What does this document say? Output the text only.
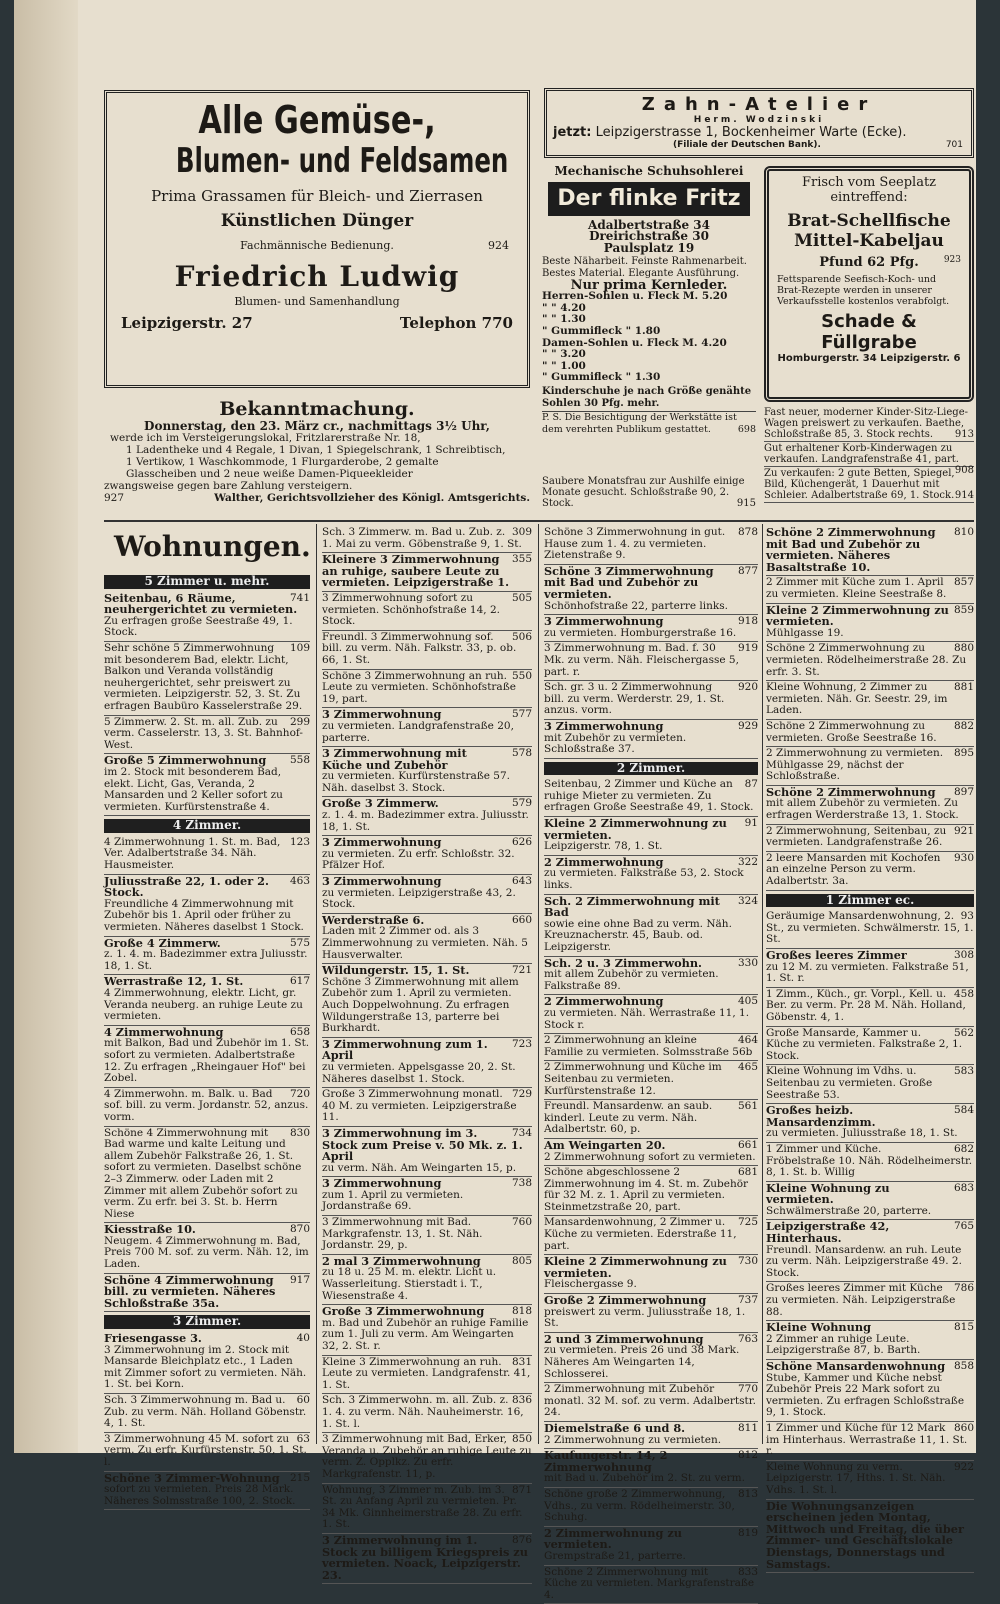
Alle Gemüse-,
Blumen- und Feldsamen
Prima Grassamen für Bleich- und Zierrasen
Künstlichen Dünger
Fachmännische Bedienung.	924
Friedrich Ludwig
Blumen- und Samenhandlung
Leipzigerstr. 27	Telephon 770
Zahn-Atelier
Herm. Wodzinski
jetzt: Leipzigerstrasse 1, Bockenheimer Warte (Ecke).
(Filiale der Deutschen Bank).	701
Mechanische Schuhsohlerei
Der flinke Fritz
Adalbertstraße 34
Dreirichstraße 30
Paulsplatz 19
Beste Näharbeit. Feinste Rahmenarbeit. Bestes Material. Elegante Ausführung.
Nur prima Kernleder.
Herren-Sohlen u. Fleck M. 5.20
" " 4.20
" " 1.30
" Gummifleck " 1.80
Damen-Sohlen u. Fleck M. 4.20
" " 3.20
" " 1.00
" Gummifleck " 1.30
Kinderschuhe je nach Größe genähte Sohlen 30 Pfg. mehr.
P. S. Die Besichtigung der Werkstätte ist dem verehrten Publikum gestattet.	698
Frisch vom Seeplatz eintreffend:
Brat-Schellfische
Mittel-Kabeljau
Pfund 62 Pfg.	923
Fettsparende Seefisch-Koch- und Brat-Rezepte werden in unserer Verkaufsstelle kostenlos verabfolgt.
Schade & Füllgrabe
Homburgerstr. 34 Leipzigerstr. 6
Fast neuer, moderner Kinder-Sitz-Liege-Wagen preiswert zu verkaufen. Baethe, Schloßstraße 85, 3. Stock rechts. 913
Gut erhaltener Korb-Kinderwagen zu verkaufen. Landgrafenstraße 41, part.
908
Zu verkaufen: 2 gute Betten, Spiegel, Bild, Küchengerät, 1 Dauerhut mit Schleier. Adalbertstraße 69, 1. Stock. 914
Bekanntmachung.
Donnerstag, den 23. März cr., nachmittags 3½ Uhr,
werde ich im Versteigerungslokal, Fritzlarerstraße Nr. 18,
1 Ladentheke und 4 Regale, 1 Divan, 1 Spiegelschrank, 1 Schreibtisch, 1 Vertikow, 1 Waschkommode, 1 Flurgarderobe, 2 gemalte Glasscheiben und 2 neue weiße Damen-Piqueekleider
zwangsweise gegen bare Zahlung versteigern.
927	Walther, Gerichtsvollzieher des Königl. Amtsgerichts.
Saubere Monatsfrau zur Aushilfe einige Monate gesucht. Schloßstraße 90, 2. Stock.	915
Wohnungen.
5 Zimmer u. mehr.
741
Seitenbau, 6 Räume, neuhergerichtet zu vermieten.
Zu erfragen große Seestraße 49, 1. Stock.
109
Sehr schöne 5 Zimmerwohnung mit besonderem Bad, elektr. Licht, Balkon und Veranda vollständig neuhergerichtet, sehr preiswert zu vermieten. Leipzigerstr. 52, 3. St. Zu erfragen Baubüro Kasselerstraße 29.
299
5 Zimmerw. 2. St. m. all. Zub. zu verm. Casselerstr. 13, 3. St. Bahnhof-West.
558
Große 5 Zimmerwohnung
im 2. Stock mit besonderem Bad, elekt. Licht, Gas, Veranda, 2 Mansarden und 2 Keller sofort zu vermieten. Kurfürstenstraße 4.
4 Zimmer.
123
4 Zimmerwohnung 1. St. m. Bad, Ver. Adalbertstraße 34. Näh. Hausmeister.
463
Juliusstraße 22, 1. oder 2. Stock.
Freundliche 4 Zimmerwohnung mit Zubehör bis 1. April oder früher zu vermieten. Näheres daselbst 1 Stock.
575
Große 4 Zimmerw.
z. 1. 4. m. Badezimmer extra Juliusstr. 18, 1. St.
617
Werrastraße 12, 1. St.
4 Zimmerwohnung, elektr. Licht, gr. Veranda neuberg. an ruhige Leute zu vermieten.
658
4 Zimmerwohnung
mit Balkon, Bad und Zubehör im 1. St. sofort zu vermieten. Adalbertstraße 12. Zu erfragen „Rheingauer Hof" bei Zobel.
720
4 Zimmerwohn. m. Balk. u. Bad sof. bill. zu verm. Jordanstr. 52, anzus. vorm.
830
Schöne 4 Zimmerwohnung mit Bad warme und kalte Leitung und allem Zubehör Falkstraße 26, 1. St. sofort zu vermieten. Daselbst schöne 2–3 Zimmerw. oder Laden mit 2 Zimmer mit allem Zubehör sofort zu verm. Zu erfr. bei 3. St. b. Herrn Niese
870
Kiesstraße 10.
Neugem. 4 Zimmerwohnung m. Bad, Preis 700 M. sof. zu verm. Näh. 12, im Laden.
917
Schöne 4 Zimmerwohnung bill. zu vermieten. Näheres Schloßstraße 35a.
3 Zimmer.
40
Friesengasse 3.
3 Zimmerwohnung im 2. Stock mit Mansarde Bleichplatz etc., 1 Laden mit Zimmer sofort zu vermieten. Näh. 1. St. bei Korn.
60
Sch. 3 Zimmerwohnung m. Bad u. Zub. zu verm. Näh. Holland Göbenstr. 4, 1. St.
63
3 Zimmerwohnung 45 M. sofort zu verm. Zu erfr. Kurfürstenstr. 50, 1. St. l.
215
Schöne 3 Zimmer-Wohnung
sofort zu vermieten. Preis 28 Mark. Näheres Solmsstraße 100, 2. Stock.
309
Sch. 3 Zimmerw. m. Bad u. Zub. z. 1. Mai zu verm. Göbenstraße 9, 1. St.
355
Kleinere 3 Zimmerwohnung an ruhige, saubere Leute zu vermieten. Leipzigerstraße 1.
505
3 Zimmerwohnung sofort zu vermieten. Schönhofstraße 14, 2. Stock.
506
Freundl. 3 Zimmerwohnung sof. bill. zu verm. Näh. Falkstr. 33, p. ob. 66, 1. St.
550
Schöne 3 Zimmerwohnung an ruh. Leute zu vermieten. Schönhofstraße 19, part.
577
3 Zimmerwohnung
zu vermieten. Landgrafenstraße 20, parterre.
578
3 Zimmerwohnung mit Küche und Zubehör
zu vermieten. Kurfürstenstraße 57. Näh. daselbst 3. Stock.
579
Große 3 Zimmerw.
z. 1. 4. m. Badezimmer extra. Juliusstr. 18, 1. St.
626
3 Zimmerwohnung
zu vermieten. Zu erfr. Schloßstr. 32. Pfälzer Hof.
643
3 Zimmerwohnung
zu vermieten. Leipzigerstraße 43, 2. Stock.
660
Werderstraße 6.
Laden mit 2 Zimmer od. als 3 Zimmerwohnung zu vermieten. Näh. 5 Hausverwalter.
721
Wildungerstr. 15, 1. St.
Schöne 3 Zimmerwohnung mit allem Zubehör zum 1. April zu vermieten. Auch Doppelwohnung. Zu erfragen Wildungerstraße 13, parterre bei Burkhardt.
723
3 Zimmerwohnung zum 1. April
zu vermieten. Appelsgasse 20, 2. St. Näheres daselbst 1. Stock.
729
Große 3 Zimmerwohnung monatl. 40 M. zu vermieten. Leipzigerstraße 11.
734
3 Zimmerwohnung im 3. Stock zum Preise v. 50 Mk. z. 1. April
zu verm. Näh. Am Weingarten 15, p.
738
3 Zimmerwohnung
zum 1. April zu vermieten. Jordanstraße 69.
760
3 Zimmerwohnung mit Bad. Markgrafenstr. 13, 1. St. Näh. Jordanstr. 29, p.
805
2 mal 3 Zimmerwohnung
zu 18 u. 25 M. m. elektr. Licht u. Wasserleitung. Stierstadt i. T., Wiesenstraße 4.
818
Große 3 Zimmerwohnung
m. Bad und Zubehör an ruhige Familie zum 1. Juli zu verm. Am Weingarten 32, 2. St. r.
831
Kleine 3 Zimmerwohnung an ruh. Leute zu vermieten. Landgrafenstr. 41, 1. St.
836
Sch. 3 Zimmerwohn. m. all. Zub. z. 1. 4. zu verm. Näh. Nauheimerstr. 16, 1. St. l.
850
3 Zimmerwohnung mit Bad, Erker, Veranda u. Zubehör an ruhige Leute zu verm. Z. Opplkz. Zu erfr. Markgrafenstr. 11, p.
871
Wohnung, 3 Zimmer m. Zub. im 3. St. zu Anfang April zu vermieten. Pr. 34 Mk. Ginnheimerstraße 28. Zu erfr. 1. St.
876
3 Zimmerwohnung im 1. Stock zu billigem Kriegspreis zu vermieten. Noack, Leipzigerstr. 23.
878
Schöne 3 Zimmerwohnung in gut. Hause zum 1. 4. zu vermieten. Zietenstraße 9.
877
Schöne 3 Zimmerwohnung mit Bad und Zubehör zu vermieten.
Schönhofstraße 22, parterre links.
918
3 Zimmerwohnung
zu vermieten. Homburgerstraße 16.
919
3 Zimmerwohnung m. Bad. f. 30 Mk. zu verm. Näh. Fleischergasse 5, part. r.
920
Sch. gr. 3 u. 2 Zimmerwohnung bill. zu verm. Werderstr. 29, 1. St. anzus. vorm.
929
3 Zimmerwohnung
mit Zubehör zu vermieten. Schloßstraße 37.
2 Zimmer.
87
Seitenbau, 2 Zimmer und Küche an ruhige Mieter zu vermieten. Zu erfragen Große Seestraße 49, 1. Stock.
91
Kleine 2 Zimmerwohnung zu vermieten.
Leipzigerstr. 78, 1. St.
322
2 Zimmerwohnung
zu vermieten. Falkstraße 53, 2. Stock links.
324
Sch. 2 Zimmerwohnung mit Bad
sowie eine ohne Bad zu verm. Näh. Kreuznacherstr. 45, Baub. od. Leipzigerstr.
330
Sch. 2 u. 3 Zimmerwohn.
mit allem Zubehör zu vermieten. Falkstraße 89.
405
2 Zimmerwohnung
zu vermieten. Näh. Werrastraße 11, 1. Stock r.
464
2 Zimmerwohnung an kleine Familie zu vermieten. Solmsstraße 56b
465
2 Zimmerwohnung und Küche im Seitenbau zu vermieten. Kurfürstenstraße 12.
561
Freundl. Mansardenw. an saub. kinderl. Leute zu verm. Näh. Adalbertstr. 60, p.
661
Am Weingarten 20.
2 Zimmerwohnung sofort zu vermieten.
681
Schöne abgeschlossene 2 Zimmerwohnung im 4. St. m. Zubehör für 32 M. z. 1. April zu vermieten. Steinmetzstraße 20, part.
725
Mansardenwohnung, 2 Zimmer u. Küche zu vermieten. Ederstraße 11, part.
730
Kleine 2 Zimmerwohnung zu vermieten.
Fleischergasse 9.
737
Große 2 Zimmerwohnung
preiswert zu verm. Juliusstraße 18, 1. St.
763
2 und 3 Zimmerwohnung
zu vermieten. Preis 26 und 38 Mark. Näheres Am Weingarten 14, Schlosserei.
770
2 Zimmerwohnung mit Zubehör monatl. 32 M. sof. zu verm. Adalbertstr. 24.
811
Diemelstraße 6 und 8.
2 Zimmerwohnung zu vermieten.
812
Kaufungerstr. 14, 2 Zimmerwohnung
mit Bad u. Zubehör im 2. St. zu verm.
813
Schöne große 2 Zimmerwohnung, Vdhs., zu verm. Rödelheimerstr. 30, Schuhg.
819
2 Zimmerwohnung zu vermieten.
Grempstraße 21, parterre.
833
Schöne 2 Zimmerwohnung mit Küche zu vermieten. Markgrafenstraße 4.
810
Schöne 2 Zimmerwohnung mit Bad und Zubehör zu vermieten. Näheres Basaltstraße 10.
857
2 Zimmer mit Küche zum 1. April zu vermieten. Kleine Seestraße 8.
859
Kleine 2 Zimmerwohnung zu vermieten.
Mühlgasse 19.
880
Schöne 2 Zimmerwohnung zu vermieten. Rödelheimerstraße 28. Zu erfr. 3. St.
881
Kleine Wohnung, 2 Zimmer zu vermieten. Näh. Gr. Seestr. 29, im Laden.
882
Schöne 2 Zimmerwohnung zu vermieten. Große Seestraße 16.
895
2 Zimmerwohnung zu vermieten. Mühlgasse 29, nächst der Schloßstraße.
897
Schöne 2 Zimmerwohnung
mit allem Zubehör zu vermieten. Zu erfragen Werderstraße 13, 1. Stock.
921
2 Zimmerwohnung, Seitenbau, zu vermieten. Landgrafenstraße 26.
930
2 leere Mansarden mit Kochofen an einzelne Person zu verm. Adalbertstr. 3a.
1 Zimmer ec.
93
Geräumige Mansardenwohnung, 2. St., zu vermieten. Schwälmerstr. 15, 1. St.
308
Großes leeres Zimmer
zu 12 M. zu vermieten. Falkstraße 51, 1. St. r.
458
1 Zimm., Küch., gr. Vorpl., Kell. u. Ber. zu verm. Pr. 28 M. Näh. Holland, Göbenstr. 4, 1.
562
Große Mansarde, Kammer u. Küche zu vermieten. Falkstraße 2, 1. Stock.
583
Kleine Wohnung im Vdhs. u. Seitenbau zu vermieten. Große Seestraße 53.
584
Großes heizb. Mansardenzimm.
zu vermieten. Juliusstraße 18, 1. St.
682
1 Zimmer und Küche. Fröbelstraße 10. Näh. Rödelheimerstr. 8, 1. St. b. Willig
683
Kleine Wohnung zu vermieten.
Schwälmerstraße 20, parterre.
765
Leipzigerstraße 42, Hinterhaus.
Freundl. Mansardenw. an ruh. Leute zu verm. Näh. Leipzigerstraße 49. 2. Stock.
786
Großes leeres Zimmer mit Küche zu vermieten. Näh. Leipzigerstraße 88.
815
Kleine Wohnung
2 Zimmer an ruhige Leute. Leipzigerstraße 87, b. Barth.
858
Schöne Mansardenwohnung
Stube, Kammer und Küche nebst Zubehör Preis 22 Mark sofort zu vermieten. Zu erfragen Schloßstraße 9, 1. Stock.
860
1 Zimmer und Küche für 12 Mark im Hinterhaus. Werrastraße 11, 1. St. r.
922
Kleine Wohnung zu verm. Leipzigerstr. 17, Hths. 1. St. Näh. Vdhs. 1. St. l.
Die Wohnungsanzeigen erscheinen jeden Montag, Mittwoch und Freitag, die über Zimmer- und Geschäftslokale Dienstags, Donnerstags und Samstags.
